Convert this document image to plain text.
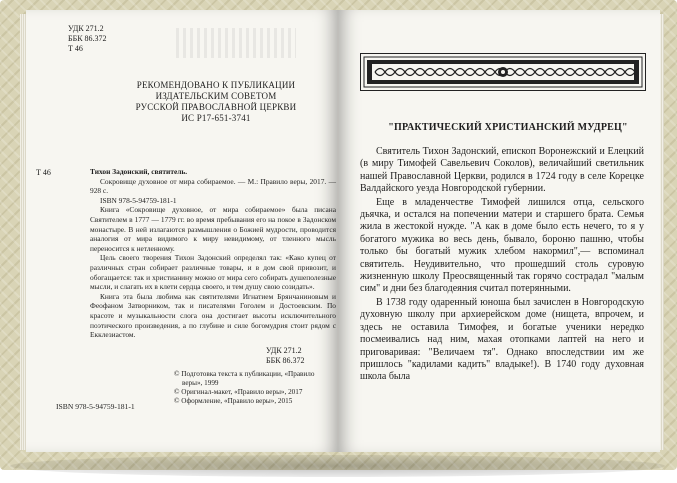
УДК 271.2
ББК 86.372
Т 46
РЕКОМЕНДОВАНО К ПУБЛИКАЦИИ
ИЗДАТЕЛЬСКИМ СОВЕТОМ
РУССКОЙ ПРАВОСЛАВНОЙ ЦЕРКВИ
ИС Р17-651-3741
Т 46	Тихон Задонский, святитель.

Сокровище духовное от мира собираемое. — М.: Правило веры, 2017. — 928 с.

ISBN 978-5-94759-181-1

Книга «Сокровище духовное, от мира собираемое» была писана Святителем в 1777 — 1779 гг. во время пребывания его на покое в Задонском монастыре. В ней излагаются размышления о Божией мудрости, проводится аналогия от мира видимого к миру невидимому, от тленного мысль переносится к нетленному.

Цель своего творения Тихон Задонский определял так: «Како купец от различных стран собирает различные товары, и в дом свой привозит, и обогащается: так и христианину можно от мира сего собирать душеполезные мысли, и слагать их в клети сердца своего, и тем душу свою созидать».

Книга эта была любима как святителями Игнатием Брянчаниновым и Феофаном Затворником, так и писателями Гоголем и Достоевским. По красоте и музыкальности слога она достигает высоты исключительного поэтического произведения, а по глубине и силе богомудрия стоит рядом с Екклезиастом.

УДК 271.2
ББК 86.372
ISBN 978-5-94759-181-1
© Подготовка текста к публикации, «Правило веры», 1999
© Оригинал-макет, «Правило веры», 2017
© Оформление, «Правило веры», 2015
"ПРАКТИЧЕСКИЙ ХРИСТИАНСКИЙ МУДРЕЦ"

Святитель Тихон Задонский, епископ Воронежский и Елецкий (в миру Тимофей Савельевич Соколов), величайший светильник нашей Православной Церкви, родился в 1724 году в селе Корецке Валдайского уезда Новгородской губернии.

Еще в младенчестве Тимофей лишился отца, сельского дьячка, и остался на попечении матери и старшего брата. Семья жила в жестокой нужде. "А как в доме было есть нечего, то я у богатого мужика во весь день, бывало, бороню пашню, чтобы только бы богатый мужик хлебом накормил",— вспоминал святитель. Неудивительно, что прошедший столь суровую жизненную школу Преосвященный так горячо сострадал "малым сим" и дни без благодеяния считал потерянными.

В 1738 году одаренный юноша был зачислен в Новгородскую духовную школу при архиерейском доме (нищета, впрочем, и здесь не оставила Тимофея, и богатые ученики нередко посмеивались над ним, махая отопками лаптей на него и приговаривая: "Величаем тя". Однако впоследствии им же пришлось "кадилами кадить" владыке!). В 1740 году духовная школа была
